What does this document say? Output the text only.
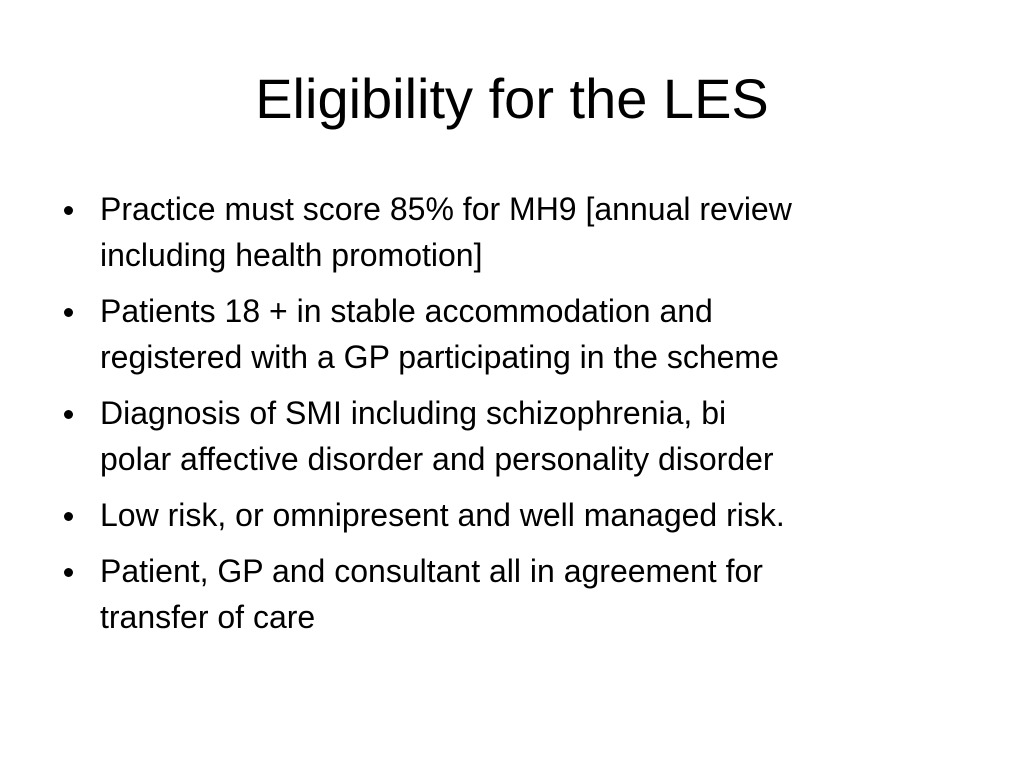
Eligibility for the LES
Practice must score 85% for MH9 [annual review
including health promotion]
Patients 18 + in stable accommodation and
registered with a GP participating in the scheme
Diagnosis of SMI including schizophrenia, bi
polar affective disorder and personality disorder
Low risk, or omnipresent and well managed risk.
Patient, GP and consultant all in agreement for
transfer of care
